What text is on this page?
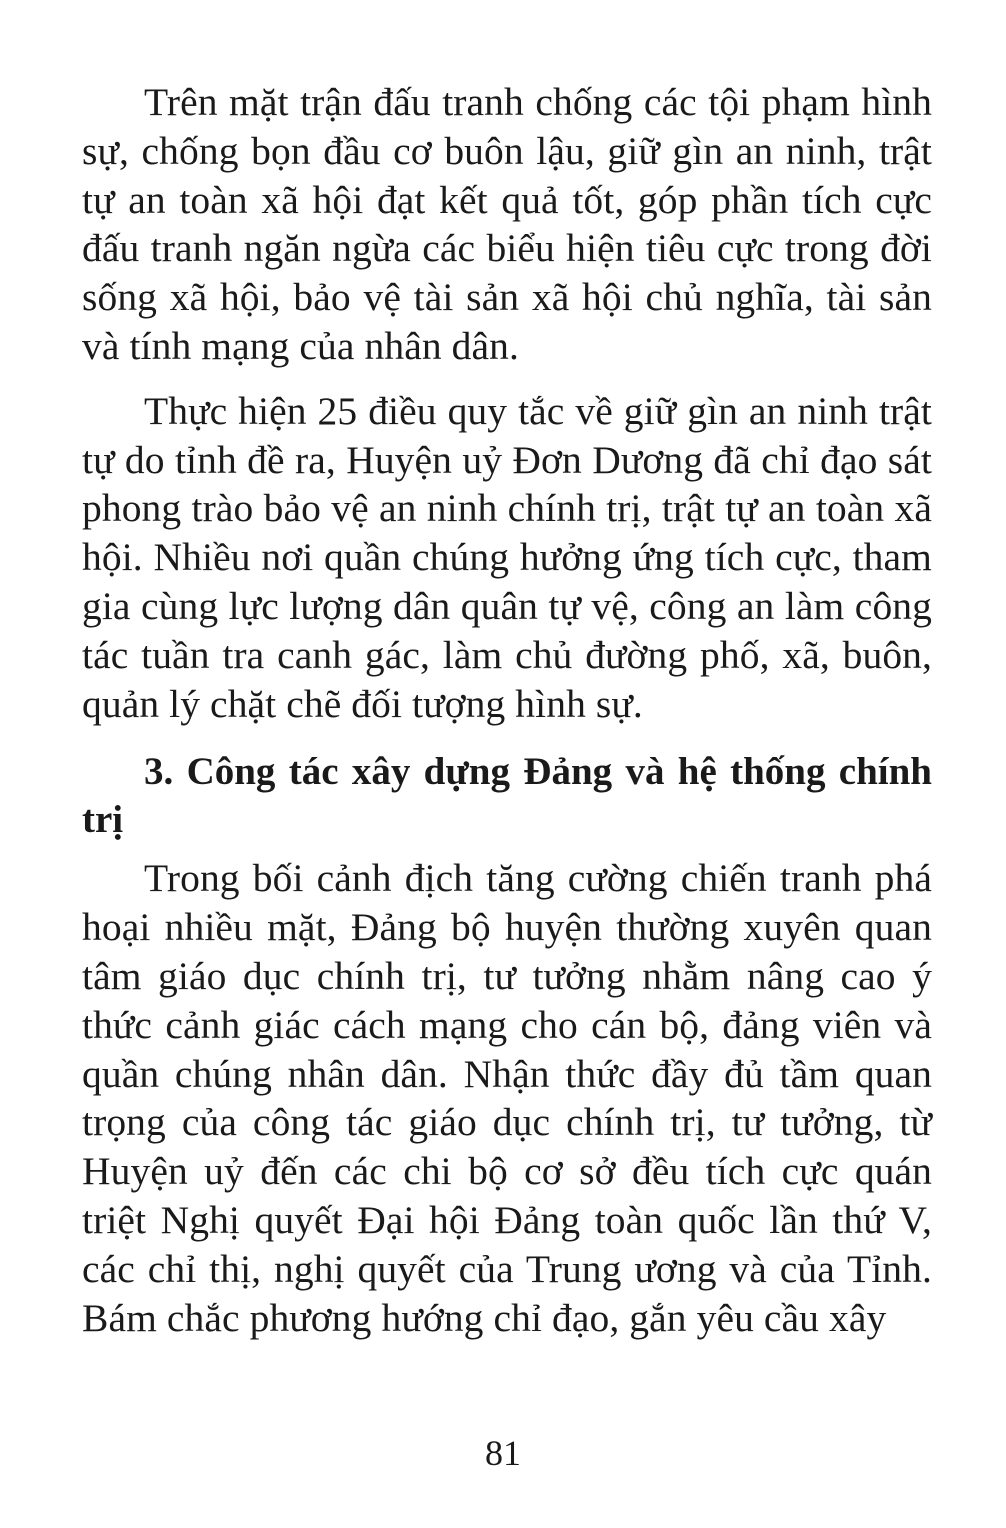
Trên mặt trận đấu tranh chống các tội phạm hình sự, chống bọn đầu cơ buôn lậu, giữ gìn an ninh, trật tự an toàn xã hội đạt kết quả tốt, góp phần tích cực đấu tranh ngăn ngừa các biểu hiện tiêu cực trong đời sống xã hội, bảo vệ tài sản xã hội chủ nghĩa, tài sản và tính mạng của nhân dân.

Thực hiện 25 điều quy tắc về giữ gìn an ninh trật tự do tỉnh đề ra, Huyện uỷ Đơn Dương đã chỉ đạo sát phong trào bảo vệ an ninh chính trị, trật tự an toàn xã hội. Nhiều nơi quần chúng hưởng ứng tích cực, tham gia cùng lực lượng dân quân tự vệ, công an làm công tác tuần tra canh gác, làm chủ đường phố, xã, buôn, quản lý chặt chẽ đối tượng hình sự.

3. Công tác xây dựng Đảng và hệ thống chính trị

Trong bối cảnh địch tăng cường chiến tranh phá hoại nhiều mặt, Đảng bộ huyện thường xuyên quan tâm giáo dục chính trị, tư tưởng nhằm nâng cao ý thức cảnh giác cách mạng cho cán bộ, đảng viên và quần chúng nhân dân. Nhận thức đầy đủ tầm quan trọng của công tác giáo dục chính trị, tư tưởng, từ Huyện uỷ đến các chi bộ cơ sở đều tích cực quán triệt Nghị quyết Đại hội Đảng toàn quốc lần thứ V, các chỉ thị, nghị quyết của Trung ương và của Tỉnh. Bám chắc phương hướng chỉ đạo, gắn yêu cầu xây

81
